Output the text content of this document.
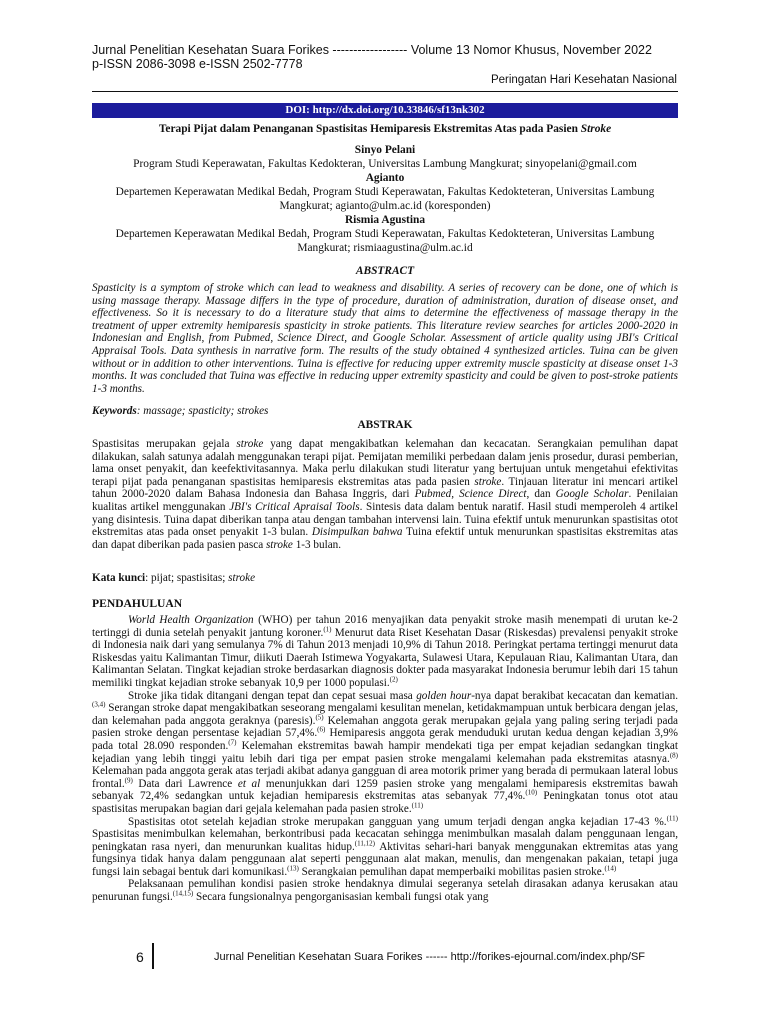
Jurnal Penelitian Kesehatan Suara Forikes ------------------ Volume 13 Nomor Khusus, November 2022
p-ISSN 2086-3098 e-ISSN 2502-7778
Peringatan Hari Kesehatan Nasional
DOI: http://dx.doi.org/10.33846/sf13nk302
Terapi Pijat dalam Penanganan Spastisitas Hemiparesis Ekstremitas Atas pada Pasien Stroke
Sinyo Pelani
Program Studi Keperawatan, Fakultas Kedokteran, Universitas Lambung Mangkurat; sinyopelani@gmail.com
Agianto
Departemen Keperawatan Medikal Bedah, Program Studi Keperawatan, Fakultas Kedokteteran, Universitas Lambung Mangkurat; agianto@ulm.ac.id (koresponden)
Rismia Agustina
Departemen Keperawatan Medikal Bedah, Program Studi Keperawatan, Fakultas Kedokteteran, Universitas Lambung Mangkurat; rismiaagustina@ulm.ac.id
ABSTRACT
Spasticity is a symptom of stroke which can lead to weakness and disability. A series of recovery can be done, one of which is using massage therapy. Massage differs in the type of procedure, duration of administration, duration of disease onset, and effectiveness. So it is necessary to do a literature study that aims to determine the effectiveness of massage therapy in the treatment of upper extremity hemiparesis spasticity in stroke patients. This literature review searches for articles 2000-2020 in Indonesian and English, from Pubmed, Science Direct, and Google Scholar. Assessment of article quality using JBI's Critical Appraisal Tools. Data synthesis in narrative form. The results of the study obtained 4 synthesized articles. Tuina can be given without or in addition to other interventions. Tuina is effective for reducing upper extremity muscle spasticity at disease onset 1-3 months. It was concluded that Tuina was effective in reducing upper extremity spasticity and could be given to post-stroke patients 1-3 months.
Keywords: massage; spasticity; strokes
ABSTRAK
Spastisitas merupakan gejala stroke yang dapat mengakibatkan kelemahan dan kecacatan. Serangkaian pemulihan dapat dilakukan, salah satunya adalah menggunakan terapi pijat. Pemijatan memiliki perbedaan dalam jenis prosedur, durasi pemberian, lama onset penyakit, dan keefektivitasannya. Maka perlu dilakukan studi literatur yang bertujuan untuk mengetahui efektivitas terapi pijat pada penanganan spastisitas hemiparesis ekstremitas atas pada pasien stroke. Tinjauan literatur ini mencari artikel tahun 2000-2020 dalam Bahasa Indonesia dan Bahasa Inggris, dari Pubmed, Science Direct, dan Google Scholar. Penilaian kualitas artikel menggunakan JBI's Critical Apraisal Tools. Sintesis data dalam bentuk naratif. Hasil studi memperoleh 4 artikel yang disintesis. Tuina dapat diberikan tanpa atau dengan tambahan intervensi lain. Tuina efektif untuk menurunkan spastisitas otot ekstremitas atas pada onset penyakit 1-3 bulan. Disimpulkan bahwa Tuina efektif untuk menurunkan spastisitas ekstremitas atas dan dapat diberikan pada pasien pasca stroke 1-3 bulan.
Kata kunci: pijat; spastisitas; stroke
PENDAHULUAN
World Health Organization (WHO) per tahun 2016 menyajikan data penyakit stroke masih menempati di urutan ke-2 tertinggi di dunia setelah penyakit jantung koroner.$^{(1)}$ Menurut data Riset Kesehatan Dasar (Riskesdas) prevalensi penyakit stroke di Indonesia naik dari yang semulanya 7% di Tahun 2013 menjadi 10,9% di Tahun 2018. Peringkat pertama tertinggi menurut data Riskesdas yaitu Kalimantan Timur, diikuti Daerah Istimewa Yogyakarta, Sulawesi Utara, Kepulauan Riau, Kalimantan Utara, dan Kalimantan Selatan. Tingkat kejadian stroke berdasarkan diagnosis dokter pada masyarakat Indonesia berumur lebih dari 15 tahun memiliki tingkat kejadian stroke sebanyak 10,9 per 1000 populasi.$^{(2)}$
Stroke jika tidak ditangani dengan tepat dan cepat sesuai masa golden hour-nya dapat berakibat kecacatan dan kematian.$^{(3,4)}$ Serangan stroke dapat mengakibatkan seseorang mengalami kesulitan menelan, ketidakmampuan untuk berbicara dengan jelas, dan kelemahan pada anggota geraknya (paresis).$^{(5)}$ Kelemahan anggota gerak merupakan gejala yang paling sering terjadi pada pasien stroke dengan persentase kejadian 57,4%.$^{(6)}$ Hemiparesis anggota gerak menduduki urutan kedua dengan kejadian 3,9% pada total 28.090 responden.$^{(7)}$ Kelemahan ekstremitas bawah hampir mendekati tiga per empat kejadian sedangkan tingkat kejadian yang lebih tinggi yaitu lebih dari tiga per empat pasien stroke mengalami kelemahan pada ekstremitas atasnya.$^{(8)}$ Kelemahan pada anggota gerak atas terjadi akibat adanya gangguan di area motorik primer yang berada di permukaan lateral lobus frontal.$^{(9)}$ Data dari Lawrence et al menunjukkan dari 1259 pasien stroke yang mengalami hemiparesis ekstremitas bawah sebanyak 72,4% sedangkan untuk kejadian hemiparesis ekstremitas atas sebanyak 77,4%.$^{(10)}$ Peningkatan tonus otot atau spastisitas merupakan bagian dari gejala kelemahan pada pasien stroke.$^{(11)}$
Spastisitas otot setelah kejadian stroke merupakan gangguan yang umum terjadi dengan angka kejadian 17-43 %.$^{(11)}$ Spastisitas menimbulkan kelemahan, berkontribusi pada kecacatan sehingga menimbulkan masalah dalam penggunaan lengan, peningkatan rasa nyeri, dan menurunkan kualitas hidup.$^{(11,12)}$ Aktivitas sehari-hari banyak menggunakan ektremitas atas yang fungsinya tidak hanya dalam penggunaan alat seperti penggunaan alat makan, menulis, dan mengenakan pakaian, tetapi juga fungsi lain sebagai bentuk dari komunikasi.$^{(13)}$ Serangkaian pemulihan dapat memperbaiki mobilitas pasien stroke.$^{(14)}$
Pelaksanaan pemulihan kondisi pasien stroke hendaknya dimulai segeranya setelah dirasakan adanya kerusakan atau penurunan fungsi.$^{(14,15)}$ Secara fungsionalnya pengorganisasian kembali fungsi otak yang
6	Jurnal Penelitian Kesehatan Suara Forikes ------ http://forikes-ejournal.com/index.php/SF
